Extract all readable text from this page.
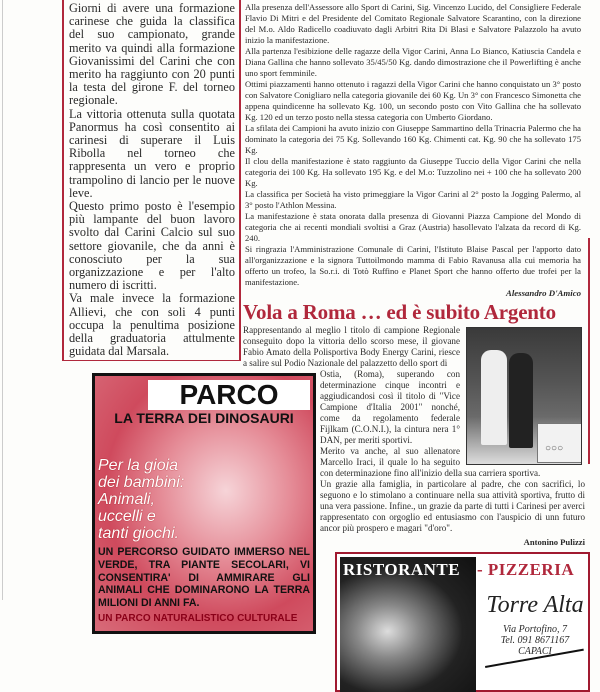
Giorni di avere una formazione carinese che guida la classifica del suo campionato, grande merito va quindi alla formazione Giovanissimi del Carini che con merito ha raggiunto con 20 punti la testa del girone F. del torneo regionale.

La vittoria ottenuta sulla quotata Panormus ha così consentito ai carinesi di superare il Luis Ribolla nel torneo che rappresenta un vero e proprio trampolino di lancio per le nuove leve.

Questo primo posto è l'esempio più lampante del buon lavoro svolto dal Carini Calcio sul suo settore giovanile, che da anni è conosciuto per la sua organizzazione e per l'alto numero di iscritti.

Va male invece la formazione Allievi, che con soli 4 punti occupa la penultima posizione della graduatoria attulmente guidata dal Marsala.

PARCO
LA TERRA DEI DINOSAURI
Per la gioia
dei bambini:
Animali,
uccelli e
tanti giochi.
UN PERCORSO GUIDATO IMMERSO NEL VERDE, TRA PIANTE SECOLARI, VI CONSENTIRA' DI AMMIRARE GLI ANIMALI CHE DOMINARONO LA TERRA MILIONI DI ANNI FA.
UN PARCO NATURALISTICO CULTURALE

Alla presenza dell'Assessore allo Sport di Carini, Sig. Vincenzo Lucido, del Consigliere Federale Flavio Di Mitri e del Presidente del Comitato Regionale Salvatore Scarantino, con la direzione del M.o. Aldo Radicello coadiuvato dagli Arbitri Rita Di Blasi e Salvatore Palazzolo ha avuto inizio la manifestazione.

Alla partenza l'esibizione delle ragazze della Vigor Carini, Anna Lo Bianco, Katiuscia Candela e Diana Gallina che hanno sollevato 35/45/50 Kg. dando dimostrazione che il Powerlifting è anche uno sport femminile.

Ottimi piazzamenti hanno ottenuto i ragazzi della Vigor Carini che hanno conquistato un 3° posto con Salvatore Conigliaro nella categoria giovanile dei 60 Kg. Un 3° con Francesco Simonetta che appena quindicenne ha sollevato Kg. 100, un secondo posto con Vito Gallina che ha sollevato Kg. 120 ed un terzo posto nella stessa categoria con Umberto Giordano.

La sfilata dei Campioni ha avuto inizio con Giuseppe Sammartino della Trinacria Palermo che ha dominato la categoria dei 75 Kg. Sollevando 160 Kg. Chimenti cat. Kg. 90 che ha sollevato 175 Kg.

Il clou della manifestazione è stato raggiunto da Giuseppe Tuccio della Vigor Carini che nella categoria dei 100 Kg. Ha sollevato 195 Kg. e del M.o: Tuzzolino nei + 100 che ha sollevato 200 Kg.

La classifica per Società ha visto primeggiare la Vigor Carini al 2° posto la Jogging Palermo, al 3° posto l'Athlon Messina.

La manifestazione è stata onorata dalla presenza di Giovanni Piazza Campione del Mondo di categoria che ai recenti mondiali svoltisi a Graz (Austria) hasollevato l'alzata da record di Kg. 240.

Si ringrazia l'Amministrazione Comunale di Carini, l'Istituto Blaise Pascal per l'apporto dato all'organizzazione e la signora Tuttoilmondo mamma di Fabio Ravanusa alla cui memoria ha offerto un trofeo, la So.r.i. di Totò Ruffino e Planet Sport che hanno offerto due trofei per la manifestazione.

Alessandro D'Amico

Vola a Roma … ed è subito Argento
○○○

Rappresentando al meglio l titolo di campione Regionale conseguito dopo la vittoria dello scorso mese, il giovane Fabio Amato della Polisportiva Body Energy Carini, riesce a salire sul Podio Nazionale del palazzetto dello sport di

Ostia, (Roma), superando con determinazione cinque incontri e aggiudicandosi così il titolo di "Vice Campione d'Italia 2001" nonché, come da regolamento federale Fijlkam (C.O.N.I.), la cintura nera 1° DAN, per meriti sportivi.

Merito va anche, al suo allenatore Marcello Iraci, il quale lo ha seguito con determinazione fino all'inizio della sua carriera sportiva.

Un grazie alla famiglia, in particolare al padre, che con sacrifici, lo seguono e lo stimolano a continuare nella sua attività sportiva, frutto di una vera passione. Infine., un grazie da parte di tutti i Carinesi per averci rappresentato con orgoglio ed entusiasmo con l'auspicio di unn futuro ancor più prospero e magari "d'oro".

Antonino Pulizzi

RISTORANTE - PIZZERIA
Torre Alta
Via Portofino, 7
Tel. 091 8671167
CAPACI
